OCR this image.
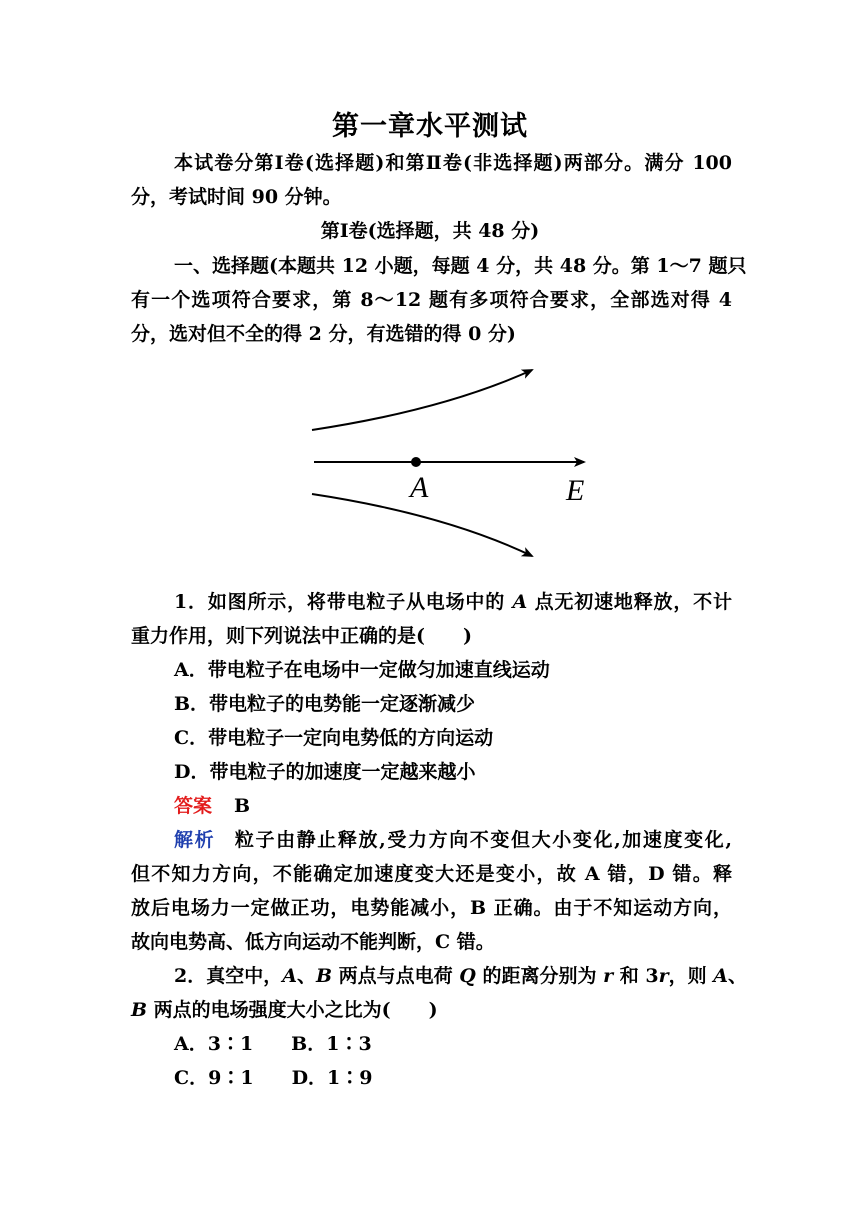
第一章水平测试
本试卷分第Ⅰ卷(选择题)和第Ⅱ卷(非选择题)两部分。满分 100
分，考试时间 90 分钟。
第Ⅰ卷(选择题，共 48 分)
一、选择题(本题共 12 小题，每题 4 分，共 48 分。第 1～7 题只
有一个选项符合要求，第 8～12 题有多项符合要求，全部选对得 4
分，选对但不全的得 2 分，有选错的得 0 分)
A	E
1．如图所示，将带电粒子从电场中的 A 点无初速地释放，不计
重力作用，则下列说法中正确的是(　　)
A．带电粒子在电场中一定做匀加速直线运动
B．带电粒子的电势能一定逐渐减少
C．带电粒子一定向电势低的方向运动
D．带电粒子的加速度一定越来越小
答案 B
解析 粒子由静止释放,受力方向不变但大小变化,加速度变化,
但不知力方向，不能确定加速度变大还是变小，故 A 错，D 错。释
放后电场力一定做正功，电势能减小，B 正确。由于不知运动方向，
故向电势高、低方向运动不能判断，C 错。
2．真空中，A、B 两点与点电荷 Q 的距离分别为 r 和 3r，则 A、
B 两点的电场强度大小之比为(　　)
A．3∶1　　B．1∶3
C．9∶1　　D．1∶9
